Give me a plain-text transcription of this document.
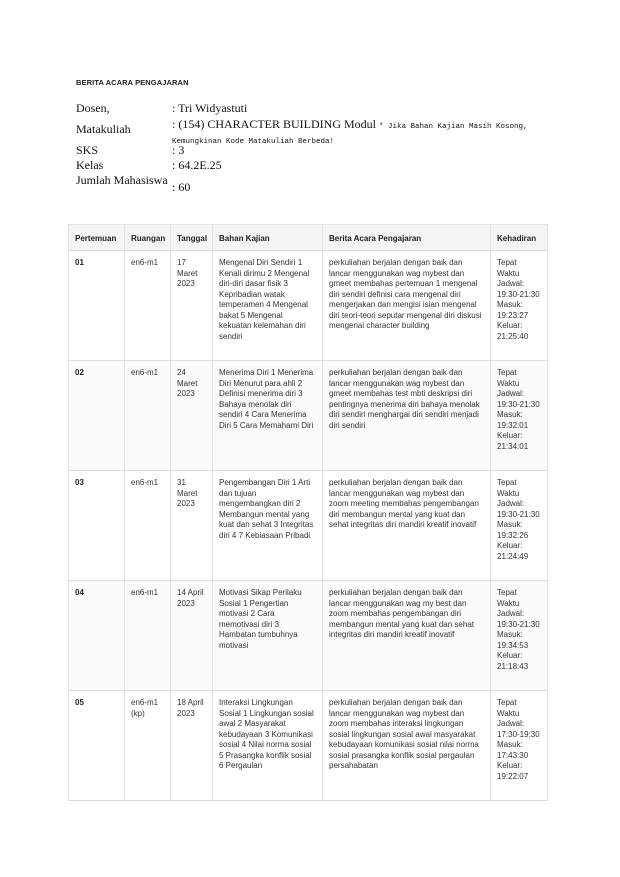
BERITA ACARA PENGAJARAN
Dosen,	: Tri Widyastuti
Matakuliah	: (154) CHARACTER BUILDING Modul * Jika Bahan Kajian Masih Kosong, Kemungkinan Kode Matakuliah Berbeda!
SKS	: 3
Kelas	: 64.2E.25
Jumlah Mahasiswa : 60
Pertemuan	Ruangan	Tanggal	Bahan Kajian	Berita Acara Pengajaran	Kehadiran
01	en6-m1	17 Maret 2023	Mengenal Diri Sendiri 1 Kenali dirimu 2 Mengenal diri-diri dasar fisik 3 Kepribadian watak temperamen 4 Mengenal bakat 5 Mengenal kekuatan kelemahan diri sendiri	perkuliahan berjalan dengan baik dan lancar menggunakan wag mybest dan gmeet membahas pertemuan 1 mengenal diri sendiri definisi cara mengenal diri mengerjakan dan mengisi isian mengenal diri teori-teori seputar mengenal diri diskusi mengenai character building	Tepat Waktu Jadwal: 19:30-21:30 Masuk: 19:23:27 Keluar: 21:25:40
02	en6-m1	24 Maret 2023	Menerima Diri 1 Menerima Diri Menurut para ahli 2 Definisi menerima diri 3 Bahaya menolak diri sendiri 4 Cara Menerima Diri 5 Cara Memahami Diri	perkuliahan berjalan dengan baik dan lancar menggunakan wag mybest dan gmeet membahas test mbti deskripsi diri pentingnya menerima diri bahaya menolak diri sendiri menghargai diri sendiri menjadi diri sendiri	Tepat Waktu Jadwal: 19:30-21:30 Masuk: 19:32:01 Keluar: 21:34:01
03	en6-m1	31 Maret 2023	Pengembangan Diri 1 Arti dan tujuan mengembangkan diri 2 Membangun mental yang kuat dan sehat 3 Integritas diri 4 7 Kebiasaan Pribadi	perkuliahan berjalan dengan baik dan lancar menggunakan wag mybest dan zoom meeting membahas pengembangan diri membangun mental yang kuat dan sehat integritas diri mandiri kreatif inovatif	Tepat Waktu Jadwal: 19:30-21:30 Masuk: 19:32:26 Keluar: 21:24:49
04	en6-m1	14 April 2023	Motivasi Sikap Perilaku Sosial 1 Pengertian motivasi 2 Cara memotivasi diri 3 Hambatan tumbuhnya motivasi	perkuliahan berjalan dengan baik dan lancar menggunakan wag my best dan zoom membahas pengembangan diri membangun mental yang kuat dan sehat integritas diri mandiri kreatif inovatif	Tepat Waktu Jadwal: 19:30-21:30 Masuk: 19:34:53 Keluar: 21:18:43
05	en6-m1 (kp)	18 April 2023	Interaksi Lingkungan Sosial 1 Lingkungan sosial awal 2 Masyarakat kebudayaan 3 Komunikasi sosial 4 Nilai norma sosial 5 Prasangka konflik sosial 6 Pergaulan	perkuliahan berjalan dengan baik dan lancar menggunakan wag mybest dan zoom membahas interaksi lingkungan sosial lingkungan sosial awal masyarakat kebudayaan komunikasi sosial nilai norma sosial prasangka konflik sosial pergaulan persahabatan	Tepat Waktu Jadwal: 17:30-19:30 Masuk: 17:43:30 Keluar: 19:22:07
